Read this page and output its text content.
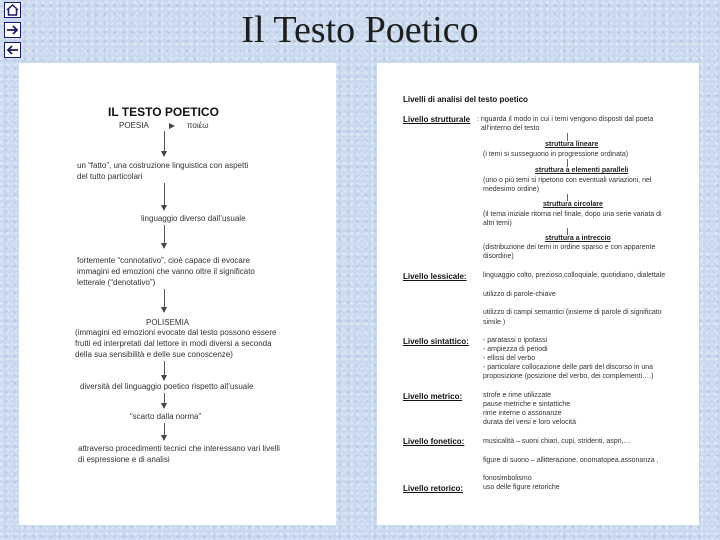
Il Testo Poetico
IL TESTO POETICO
POESIA	ποιέω
un “fatto”, una costruzione linguistica con aspetti
del tutto particolari
linguaggio diverso dall’usuale
fortemente “connotativo”, cioè capace di evocare
immagini ed emozioni che vanno oltre il significato
letterale (“denotativo”)
POLISEMIA
(immagini ed emozioni evocate dal testo possono essere
frutti ed interpretati dal lettore in modi diversi a seconda
della sua sensibilità e delle sue conoscenze)
diversità del linguaggio poetico rispetto all’usuale
“scarto dalla norma”
attraverso procedimenti tecnici che interessano vari livelli
di espressione e di analisi
Livelli di analisi del testo poetico
Livello strutturale : riguarda il modo in cui i temi vengono disposti dal poeta
all’interno del testo
struttura lineare
(i temi si susseguono in progressione ordinata)
struttura a elementi paralleli
(uno o più temi si ripetono con eventuali variazioni, nel
medesimo ordine)
struttura circolare
(il tema iniziale ritorna nel finale, dopo una serie variata di
altri temi)
struttura a intreccio
(distribuzione dei temi in ordine sparso e con apparente
disordine)
Livello lessicale: linguaggio colto, prezioso,colloquiale, quotidiano, dialettale
utilizzo di parole-chiave
utilizzo di campi semantici (insieme di parole di significato
simile )
Livello sintattico: - paratassi o ipotassi
- ampiezza di periodi
- ellissi del verbo
- particolare collocazione delle parti del discorso in una
proposizione (posizione del verbo, dei complementi….)
Livello metrico:	strofe e rime utilizzate
pause metriche e sintattiche
rime interne o assonanze
durata dei versi e loro velocità
Livello fonetico:	musicalità – suoni chiari, cupi, stridenti, aspri,…
figure di suono – allitterazione, onomatopea,assonanza ,
fonosimbolismo
Livello retorico:	uso delle figure retoriche
